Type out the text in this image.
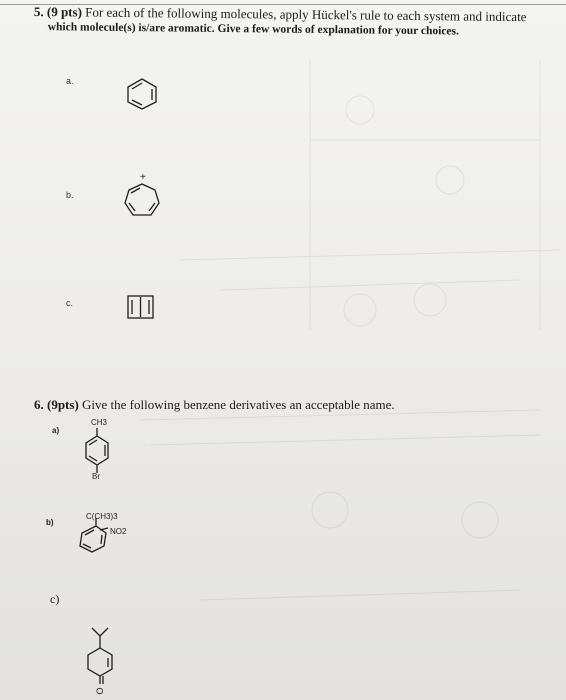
5. (9 pts) For each of the following molecules, apply Hückel's rule to each system and indicate
which molecule(s) is/are aromatic. Give a few words of explanation for your choices.
a.
b.
+
c.
6. (9pts) Give the following benzene derivatives an acceptable name.
a)
CH3
Br
b)
C(CH3)3
NO2
c)
O
